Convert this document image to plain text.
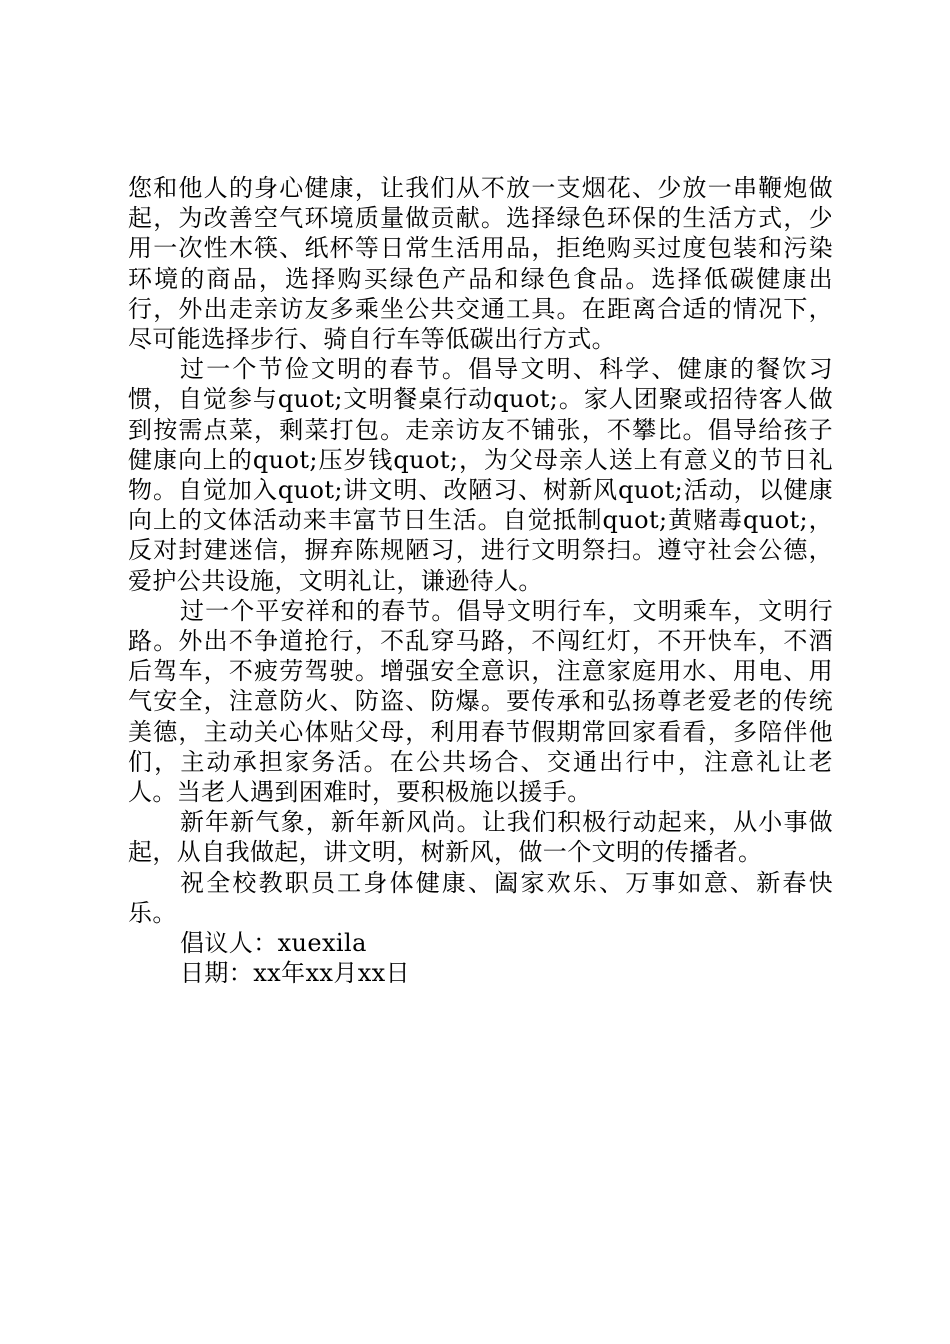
您和他人的身心健康，让我们从不放一支烟花、少放一串鞭炮做起，为改善空气环境质量做贡献。选择绿色环保的生活方式，少用一次性木筷、纸杯等日常生活用品，拒绝购买过度包装和污染环境的商品，选择购买绿色产品和绿色食品。选择低碳健康出行，外出走亲访友多乘坐公共交通工具。在距离合适的情况下，尽可能选择步行、骑自行车等低碳出行方式。

过一个节俭文明的春节。倡导文明、科学、健康的餐饮习惯，自觉参与quot;文明餐桌行动quot;。家人团聚或招待客人做到按需点菜，剩菜打包。走亲访友不铺张，不攀比。倡导给孩子健康向上的quot;压岁钱quot;，为父母亲人送上有意义的节日礼物。自觉加入quot;讲文明、改陋习、树新风quot;活动，以健康向上的文体活动来丰富节日生活。自觉抵制quot;黄赌毒quot;，反对封建迷信，摒弃陈规陋习，进行文明祭扫。遵守社会公德，爱护公共设施，文明礼让，谦逊待人。

过一个平安祥和的春节。倡导文明行车，文明乘车，文明行路。外出不争道抢行，不乱穿马路，不闯红灯，不开快车，不酒后驾车，不疲劳驾驶。增强安全意识，注意家庭用水、用电、用气安全，注意防火、防盗、防爆。要传承和弘扬尊老爱老的传统美德，主动关心体贴父母，利用春节假期常回家看看，多陪伴他们，主动承担家务活。在公共场合、交通出行中，注意礼让老人。当老人遇到困难时，要积极施以援手。

新年新气象，新年新风尚。让我们积极行动起来，从小事做起，从自我做起，讲文明，树新风，做一个文明的传播者。

祝全校教职员工身体健康、阖家欢乐、万事如意、新春快乐。

倡议人：xuexila

日期：xx年xx月xx日
